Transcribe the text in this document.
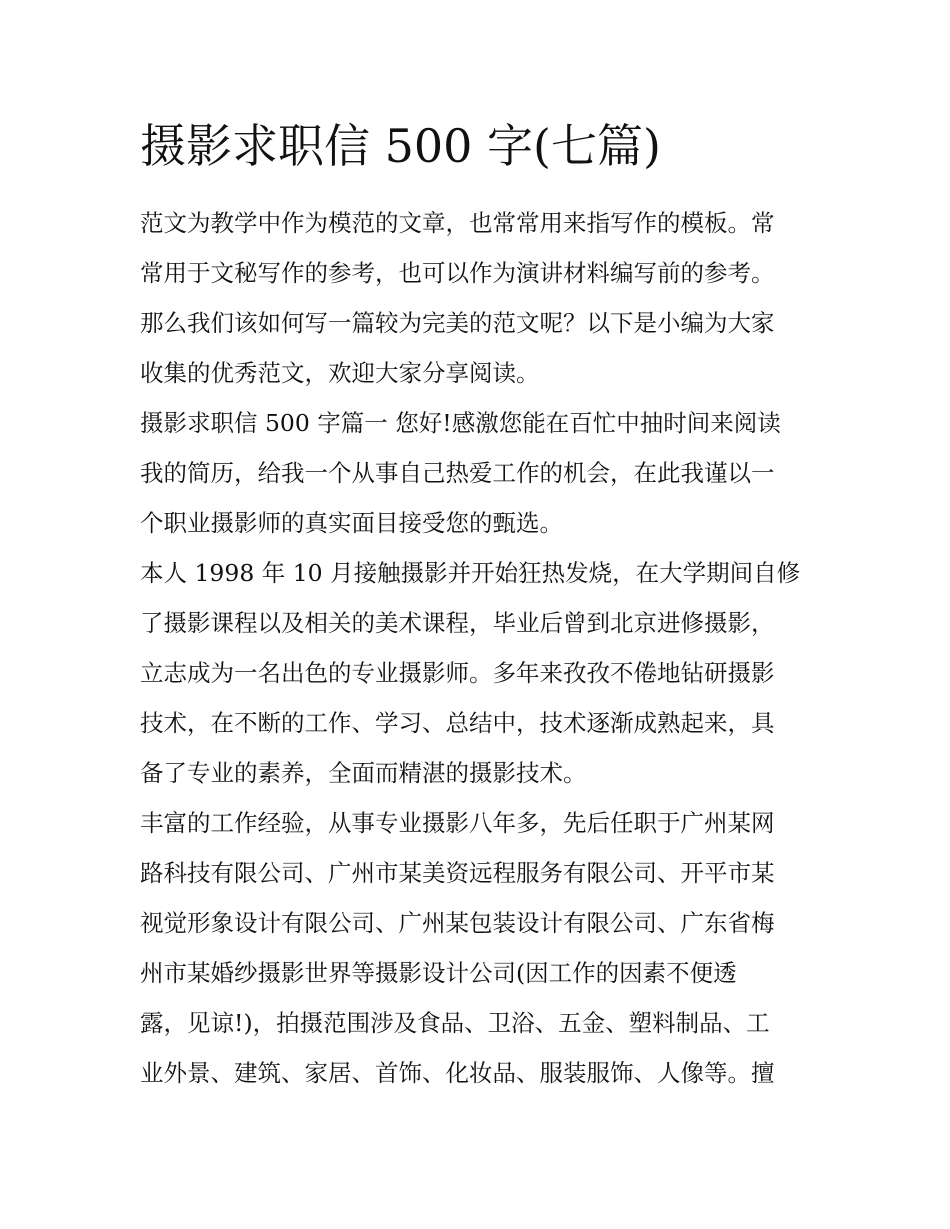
摄影求职信 500 字(七篇)
范文为教学中作为模范的文章，也常常用来指写作的模板。常
常用于文秘写作的参考，也可以作为演讲材料编写前的参考。
那么我们该如何写一篇较为完美的范文呢？以下是小编为大家
收集的优秀范文，欢迎大家分享阅读。
摄影求职信 500 字篇一 您好!感激您能在百忙中抽时间来阅读
我的简历，给我一个从事自己热爱工作的机会，在此我谨以一
个职业摄影师的真实面目接受您的甄选。
本人 1998 年 10 月接触摄影并开始狂热发烧，在大学期间自修
了摄影课程以及相关的美术课程，毕业后曾到北京进修摄影，
立志成为一名出色的专业摄影师。多年来孜孜不倦地钻研摄影
技术，在不断的工作、学习、总结中，技术逐渐成熟起来，具
备了专业的素养，全面而精湛的摄影技术。
丰富的工作经验，从事专业摄影八年多，先后任职于广州某网
路科技有限公司、广州市某美资远程服务有限公司、开平市某
视觉形象设计有限公司、广州某包装设计有限公司、广东省梅
州市某婚纱摄影世界等摄影设计公司(因工作的因素不便透
露，见谅!)，拍摄范围涉及食品、卫浴、五金、塑料制品、工
业外景、建筑、家居、首饰、化妆品、服装服饰、人像等。擅
